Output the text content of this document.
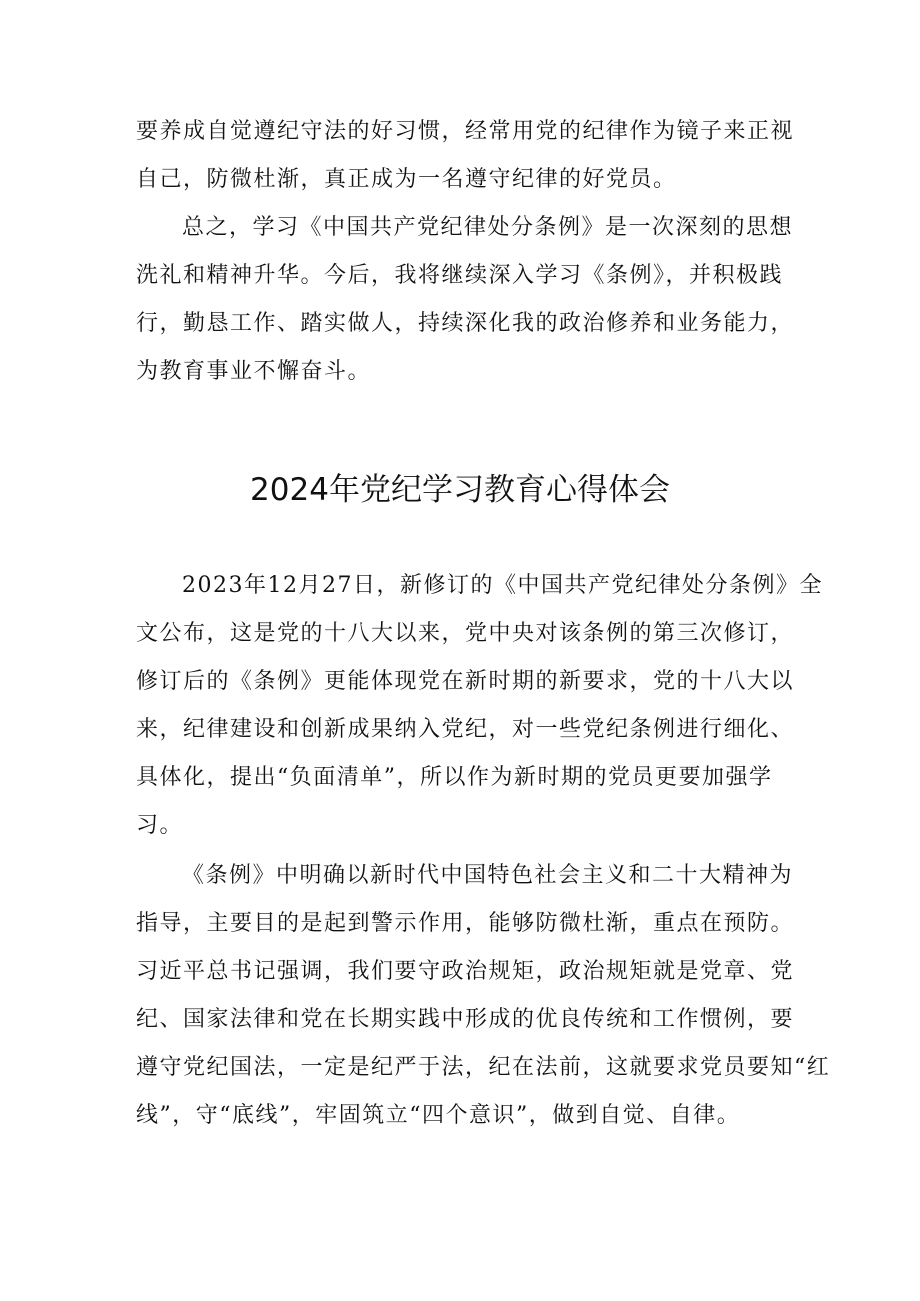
要养成自觉遵纪守法的好习惯，经常用党的纪律作为镜子来正视
自己，防微杜渐，真正成为一名遵守纪律的好党员。
总之，学习《中国共产党纪律处分条例》是一次深刻的思想
洗礼和精神升华。今后，我将继续深入学习《条例》，并积极践
行，勤恳工作、踏实做人，持续深化我的政治修养和业务能力，
为教育事业不懈奋斗。
2024年党纪学习教育心得体会
2023年12月27日，新修订的《中国共产党纪律处分条例》全
文公布，这是党的十八大以来，党中央对该条例的第三次修订，
修订后的《条例》更能体现党在新时期的新要求，党的十八大以
来，纪律建设和创新成果纳入党纪，对一些党纪条例进行细化、
具体化，提出“负面清单”，所以作为新时期的党员更要加强学
习。
《条例》中明确以新时代中国特色社会主义和二十大精神为
指导，主要目的是起到警示作用，能够防微杜渐，重点在预防。
习近平总书记强调，我们要守政治规矩，政治规矩就是党章、党
纪、国家法律和党在长期实践中形成的优良传统和工作惯例，要
遵守党纪国法，一定是纪严于法，纪在法前，这就要求党员要知“红
线”，守“底线”，牢固筑立“四个意识”，做到自觉、自律。
